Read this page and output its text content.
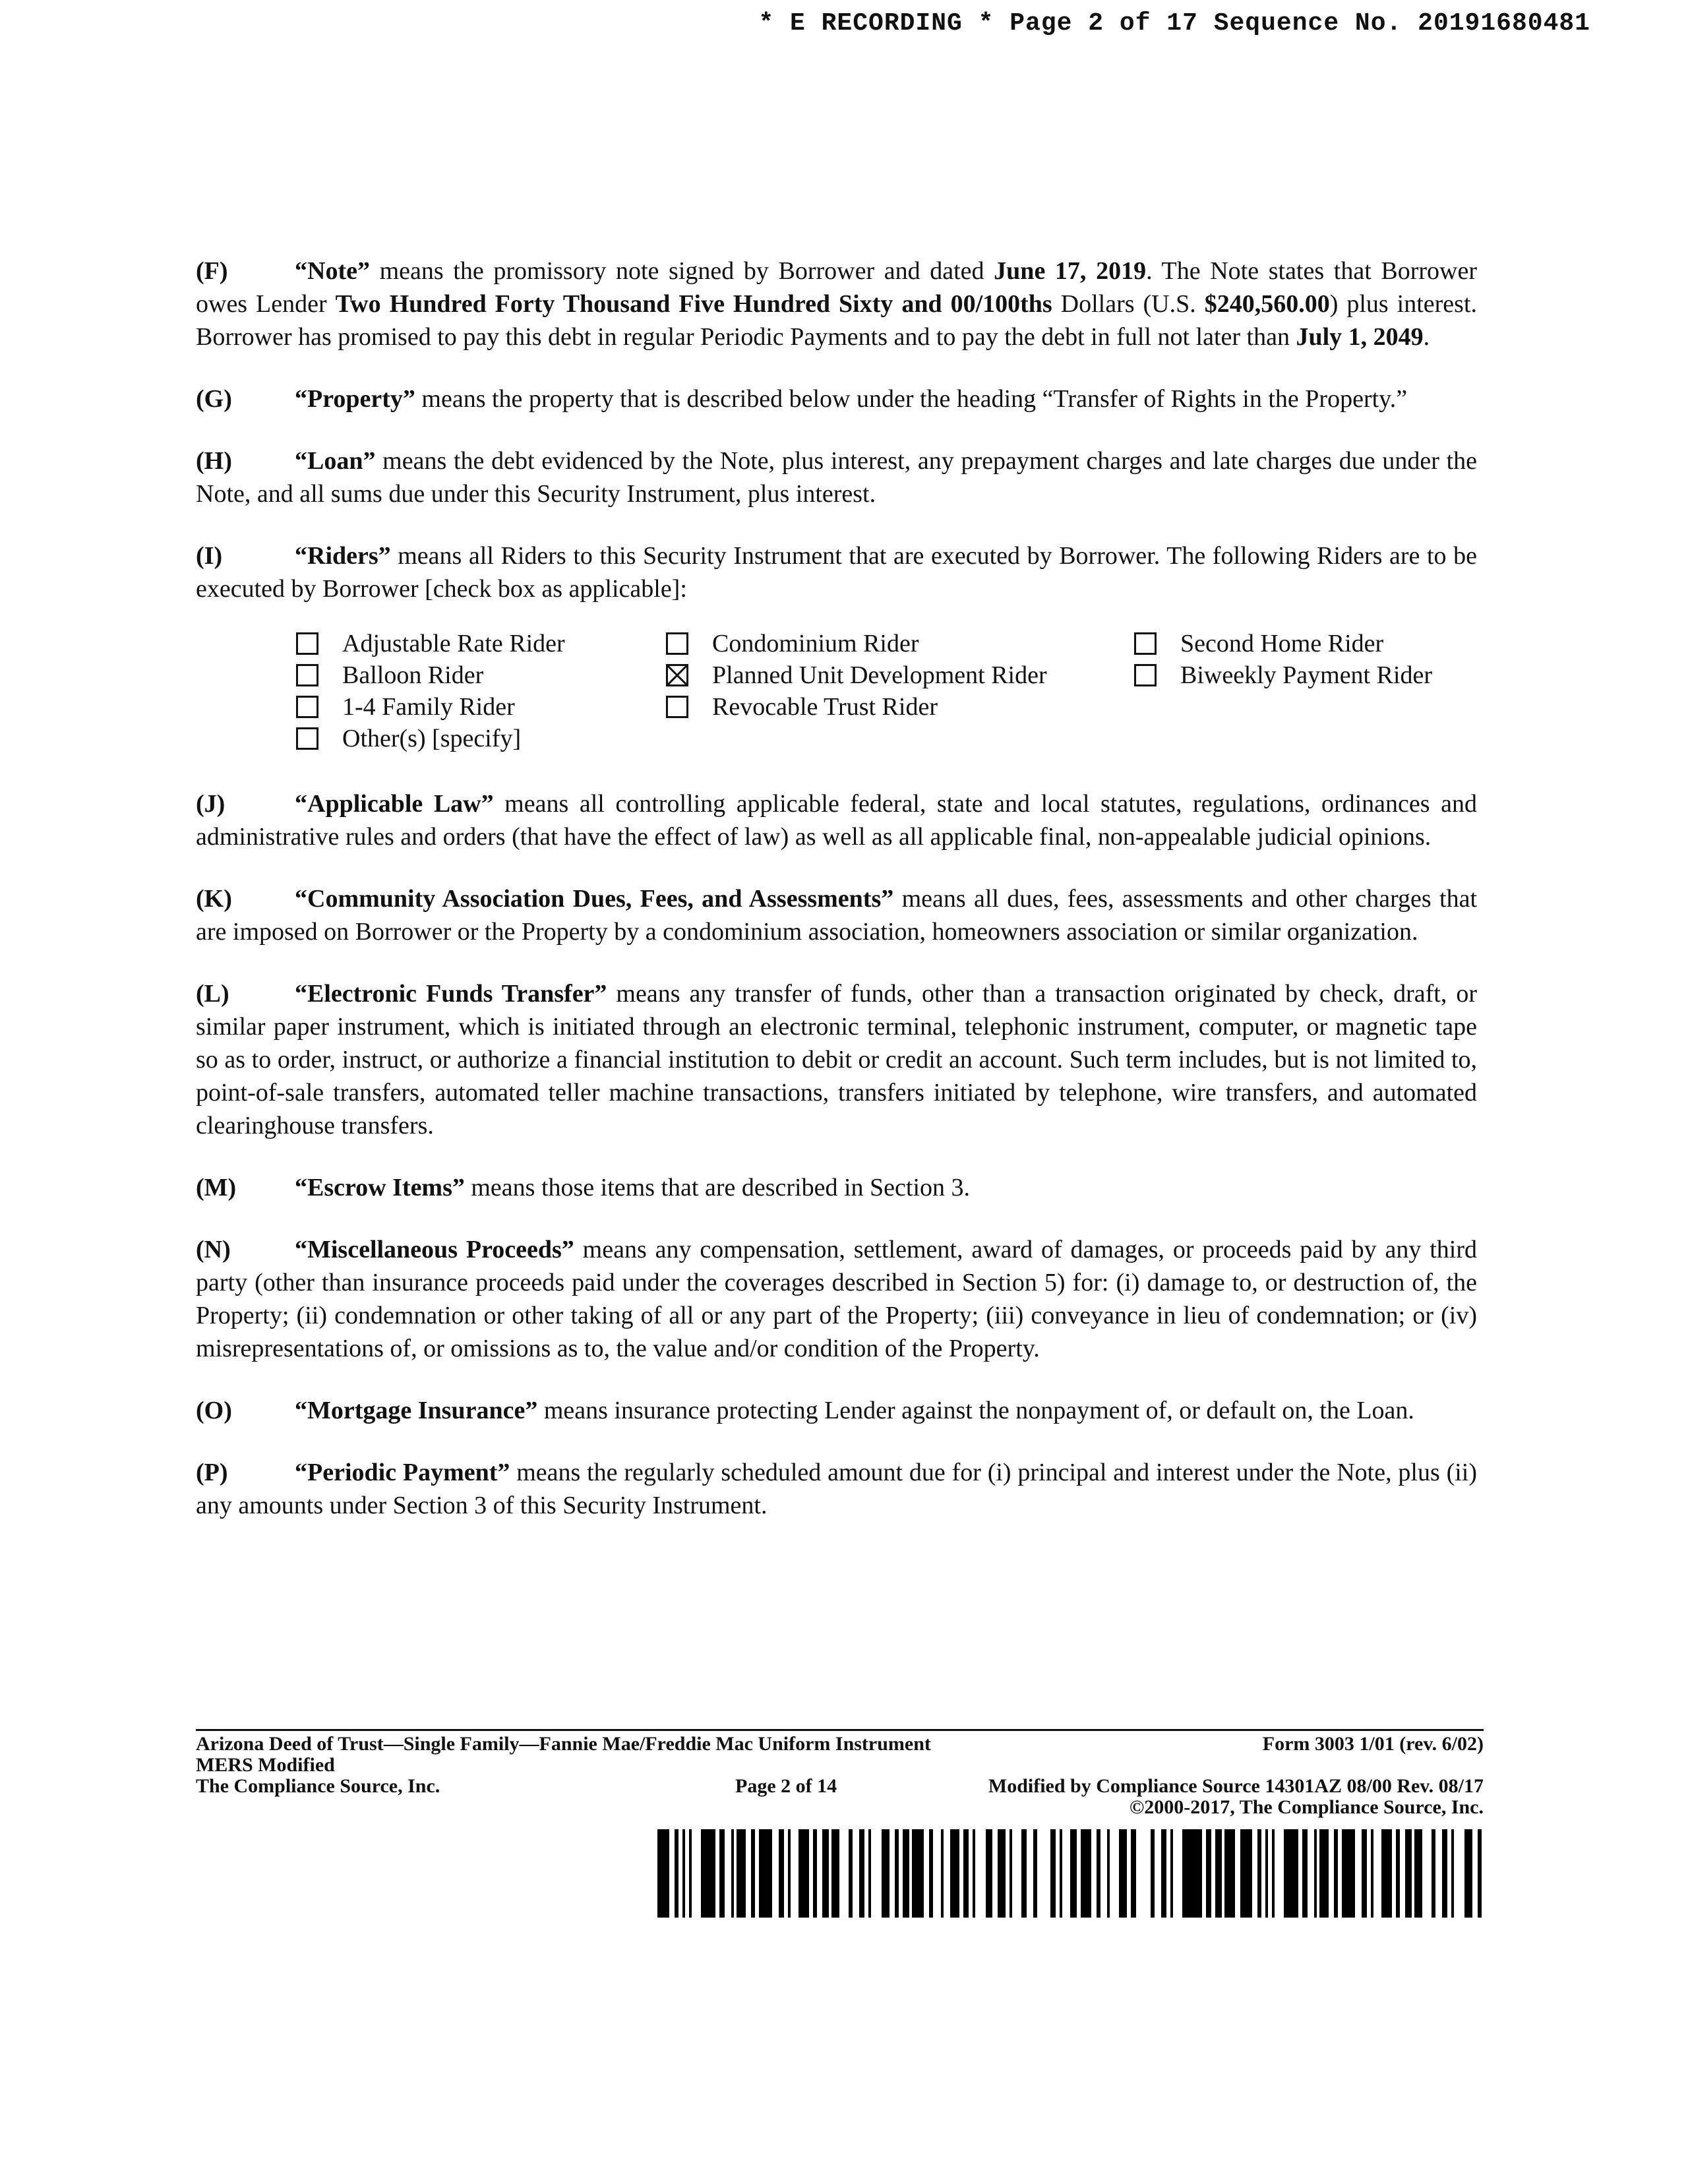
* E RECORDING * Page 2 of 17 Sequence No. 20191680481

(F)	“Note” means the promissory note signed by Borrower and dated June 17, 2019. The Note states that Borrower owes Lender Two Hundred Forty Thousand Five Hundred Sixty and 00/100ths Dollars (U.S. $240,560.00) plus interest. Borrower has promised to pay this debt in regular Periodic Payments and to pay the debt in full not later than July 1, 2049.

(G)	“Property” means the property that is described below under the heading “Transfer of Rights in the Property.”

(H)	“Loan” means the debt evidenced by the Note, plus interest, any prepayment charges and late charges due under the Note, and all sums due under this Security Instrument, plus interest.

(I)	“Riders” means all Riders to this Security Instrument that are executed by Borrower. The following Riders are to be executed by Borrower [check box as applicable]:

Adjustable Rate Rider
Balloon Rider
1-4 Family Rider
Other(s) [specify]
Condominium Rider
Planned Unit Development Rider
Revocable Trust Rider
Second Home Rider
Biweekly Payment Rider

(J)	“Applicable Law” means all controlling applicable federal, state and local statutes, regulations, ordinances and administrative rules and orders (that have the effect of law) as well as all applicable final, non-appealable judicial opinions.

(K)	“Community Association Dues, Fees, and Assessments” means all dues, fees, assessments and other charges that are imposed on Borrower or the Property by a condominium association, homeowners association or similar organization.

(L)	“Electronic Funds Transfer” means any transfer of funds, other than a transaction originated by check, draft, or similar paper instrument, which is initiated through an electronic terminal, telephonic instrument, computer, or magnetic tape so as to order, instruct, or authorize a financial institution to debit or credit an account. Such term includes, but is not limited to, point-of-sale transfers, automated teller machine transactions, transfers initiated by telephone, wire transfers, and automated clearinghouse transfers.

(M) “Escrow Items” means those items that are described in Section 3.

(N)	“Miscellaneous Proceeds” means any compensation, settlement, award of damages, or proceeds paid by any third party (other than insurance proceeds paid under the coverages described in Section 5) for: (i) damage to, or destruction of, the Property; (ii) condemnation or other taking of all or any part of the Property; (iii) conveyance in lieu of condemnation; or (iv) misrepresentations of, or omissions as to, the value and/or condition of the Property.

(O)	“Mortgage Insurance” means insurance protecting Lender against the nonpayment of, or default on, the Loan.

(P)	“Periodic Payment” means the regularly scheduled amount due for (i) principal and interest under the Note, plus (ii) any amounts under Section 3 of this Security Instrument.

Arizona Deed of Trust—Single Family—Fannie Mae/Freddie Mac Uniform Instrument	Form 3003 1/01 (rev. 6/02)
MERS Modified
The Compliance Source, Inc.	Page 2 of 14	Modified by Compliance Source 14301AZ 08/00 Rev. 08/17
©2000-2017, The Compliance Source, Inc.
